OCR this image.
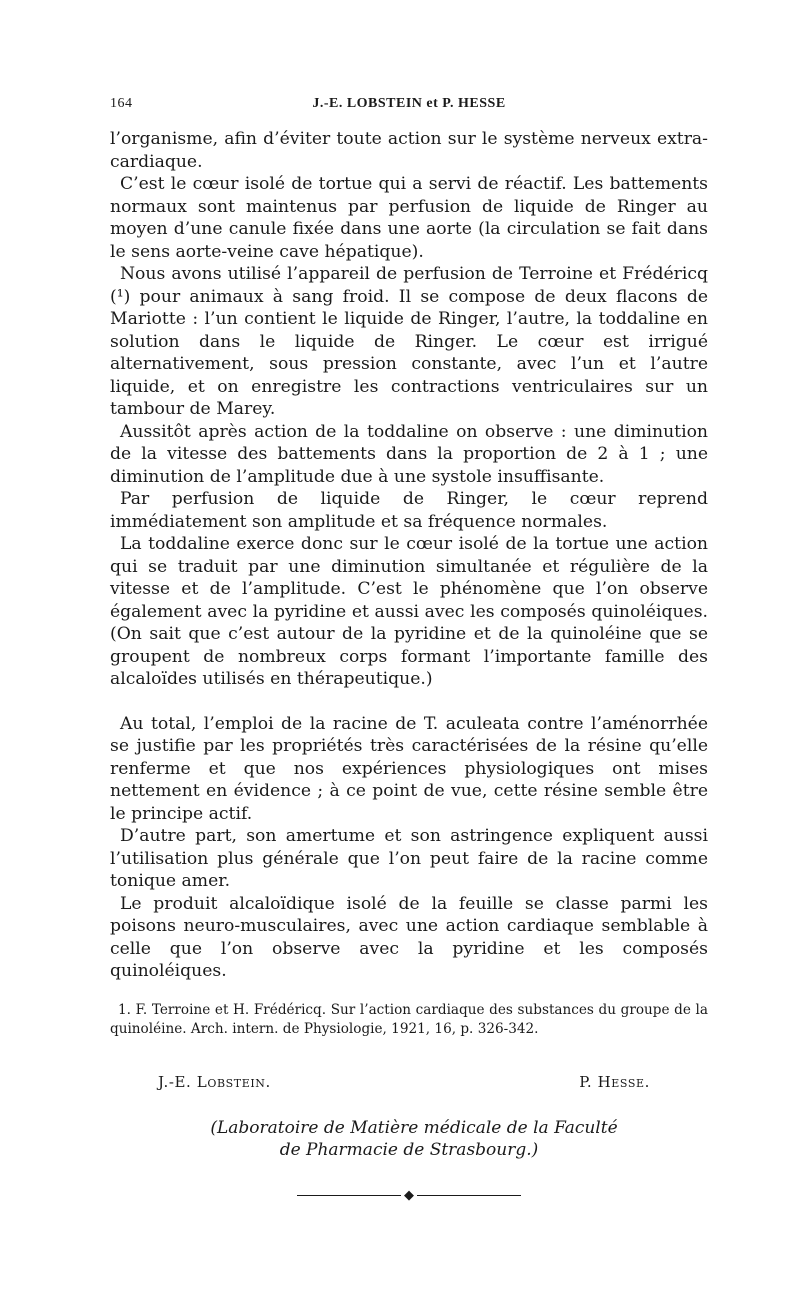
164	J.-E. LOBSTEIN et P. HESSE

l’organisme, afin d’éviter toute action sur le système nerveux extra-cardiaque.

C’est le cœur isolé de tortue qui a servi de réactif. Les battements normaux sont maintenus par perfusion de liquide de Ringer au moyen d’une canule fixée dans une aorte (la circulation se fait dans le sens aorte-veine cave hépatique).

Nous avons utilisé l’appareil de perfusion de Terroine et Frédéricq (¹) pour animaux à sang froid. Il se compose de deux flacons de Mariotte : l’un contient le liquide de Ringer, l’autre, la toddaline en solution dans le liquide de Ringer. Le cœur est irrigué alternativement, sous pression constante, avec l’un et l’autre liquide, et on enregistre les contractions ventriculaires sur un tambour de Marey.

Aussitôt après action de la toddaline on observe : une diminution de la vitesse des battements dans la proportion de 2 à 1 ; une diminution de l’amplitude due à une systole insuffisante.

Par perfusion de liquide de Ringer, le cœur reprend immédiatement son amplitude et sa fréquence normales.

La toddaline exerce donc sur le cœur isolé de la tortue une action qui se traduit par une diminution simultanée et régulière de la vitesse et de l’amplitude. C’est le phénomène que l’on observe également avec la pyridine et aussi avec les composés quinoléiques. (On sait que c’est autour de la pyridine et de la quinoléine que se groupent de nombreux corps formant l’importante famille des alcaloïdes utilisés en thérapeutique.)

Au total, l’emploi de la racine de T. aculeata contre l’aménorrhée se justifie par les propriétés très caractérisées de la résine qu’elle renferme et que nos expériences physiologiques ont mises nettement en évidence ; à ce point de vue, cette résine semble être le principe actif.

D’autre part, son amertume et son astringence expliquent aussi l’utilisation plus générale que l’on peut faire de la racine comme tonique amer.

Le produit alcaloïdique isolé de la feuille se classe parmi les poisons neuro-musculaires, avec une action cardiaque semblable à celle que l’on observe avec la pyridine et les composés quinoléiques.

1. F. Terroine et H. Frédéricq. Sur l’action cardiaque des substances du groupe de la quinoléine. Arch. intern. de Physiologie, 1921, 16, p. 326-342.
J.-E. Lobstein.	P. Hesse.
(Laboratoire de Matière médicale de la Faculté
de Pharmacie de Strasbourg.)
◆
